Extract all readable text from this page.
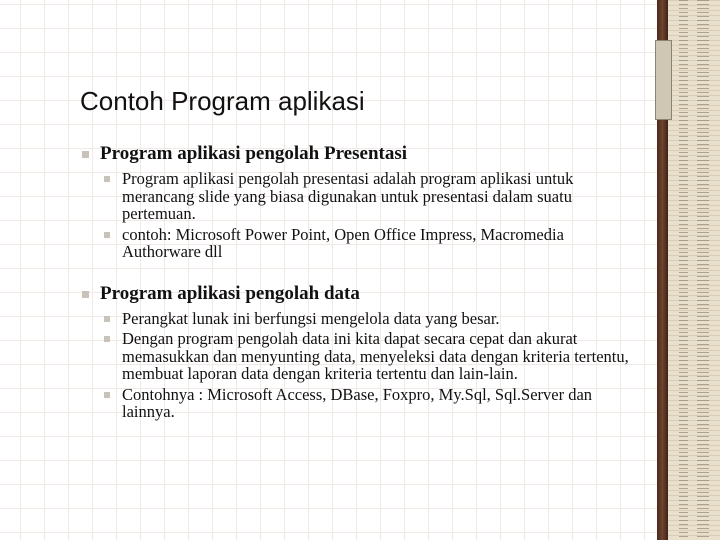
Contoh Program aplikasi
Program aplikasi pengolah Presentasi
Program aplikasi pengolah presentasi adalah program aplikasi untuk merancang slide yang biasa digunakan untuk presentasi dalam suatu pertemuan.
contoh: Microsoft Power Point, Open Office Impress, Macromedia Authorware dll
Program aplikasi pengolah data
Perangkat lunak ini berfungsi mengelola data yang besar.
Dengan program pengolah data ini kita dapat secara cepat dan akurat memasukkan dan menyunting data, menyeleksi data dengan kriteria tertentu, membuat laporan data dengan kriteria tertentu dan lain-lain.
Contohnya : Microsoft Access, DBase, Foxpro, My.Sql, Sql.Server dan lainnya.
